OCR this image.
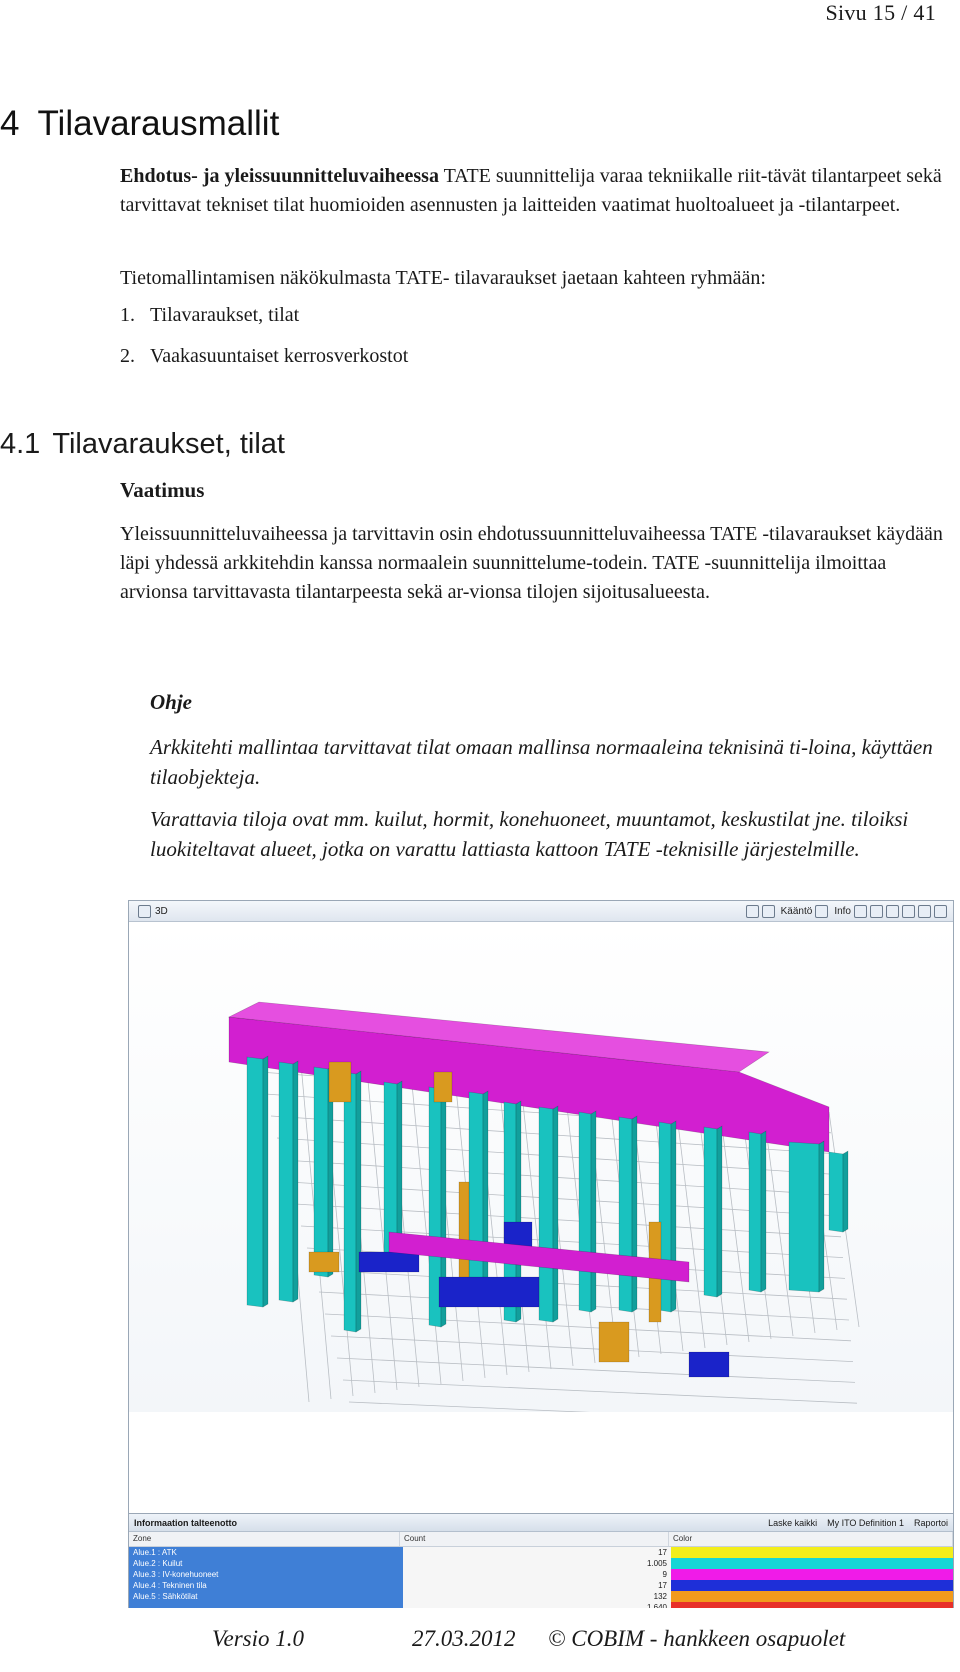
Sivu 15 / 41
4 Tilavarausmallit

Ehdotus- ja yleissuunnitteluvaiheessa TATE suunnittelija varaa tekniikalle riit-tävät tilantarpeet sekä tarvittavat tekniset tilat huomioiden asennusten ja laitteiden vaatimat huoltoalueet ja -tilantarpeet.

Tietomallintamisen näkökulmasta TATE- tilavaraukset jaetaan kahteen ryhmään:

1. Tilavaraukset, tilat
2. Vaakasuuntaiset kerrosverkostot
4.1 Tilavaraukset, tilat
Vaatimus

Yleissuunnitteluvaiheessa ja tarvittavin osin ehdotussuunnitteluvaiheessa TATE -tilavaraukset käydään läpi yhdessä arkkitehdin kanssa normaalein suunnittelume-todein. TATE -suunnittelija ilmoittaa arvionsa tarvittavasta tilantarpeesta sekä ar-vionsa tilojen sijoitusalueesta.

Ohje

Arkkitehti mallintaa tarvittavat tilat omaan mallinsa normaaleina teknisinä ti-loina, käyttäen tilaobjekteja.

Varattavia tiloja ovat mm. kuilut, hormit, konehuoneet, muuntamot, keskustilat jne. tiloiksi luokiteltavat alueet, jotka on varattu lattiasta kattoon TATE -teknisille järjestelmille.

3D	Kääntö Info
Informaation talteenotto	Laske kaikki My ITO Definition 1 Raportoi
Zone	Count	Color
Alue.1 : ATK	17
Alue.2 : Kuilut	1.005
Alue.3 : IV-konehuoneet	9
Alue.4 : Tekninen tila	17
Alue.5 : Sähkötilat	132
Versio 1.0	27.03.2012 © COBIM - hankkeen osapuolet
